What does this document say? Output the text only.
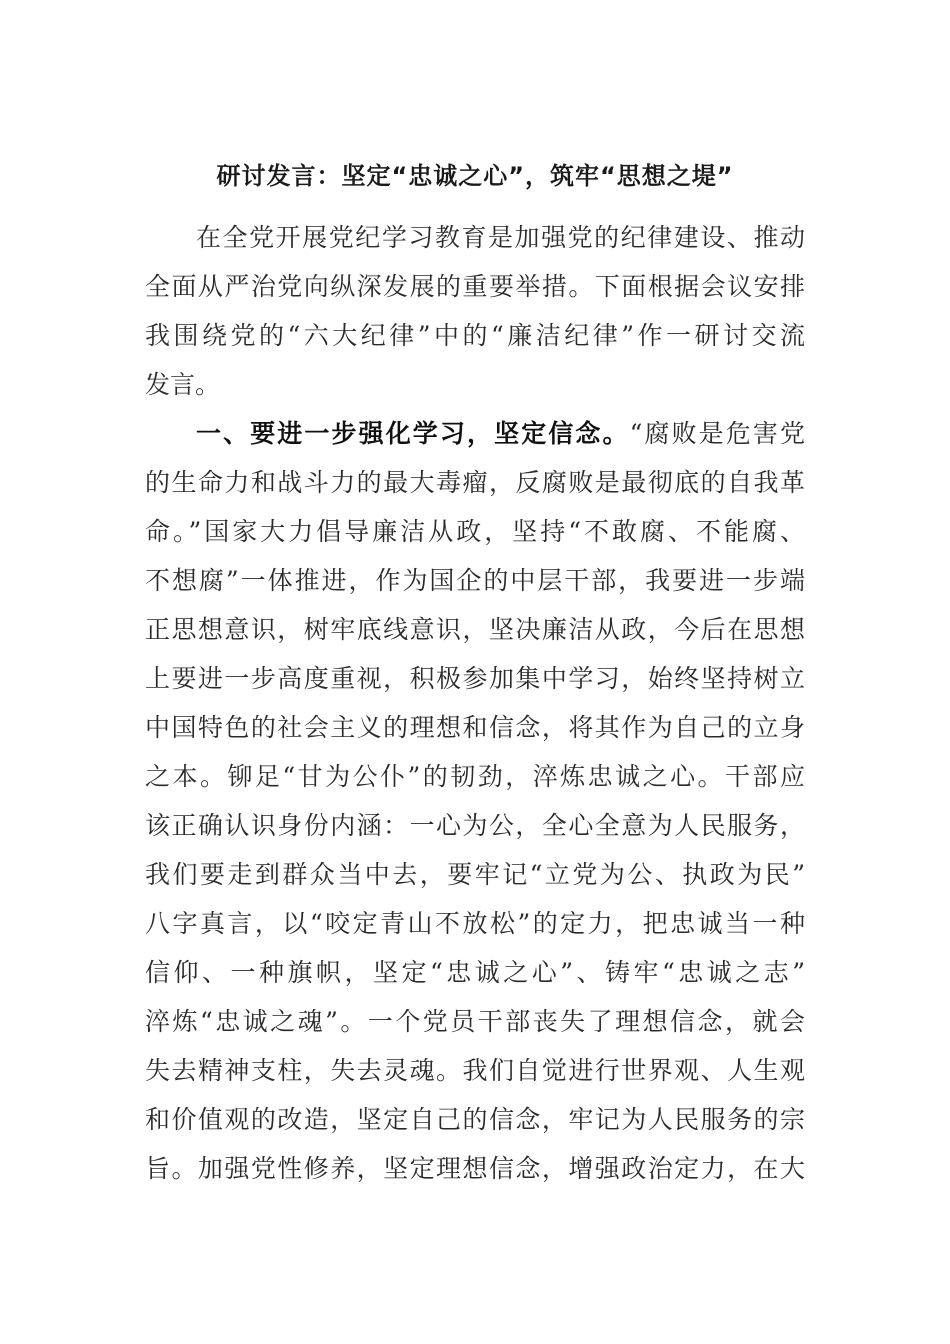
研讨发言：坚定“忠诚之心”，筑牢“思想之堤”
在全党开展党纪学习教育是加强党的纪律建设、推动
全面从严治党向纵深发展的重要举措。下面根据会议安排
我围绕党的“六大纪律”中的“廉洁纪律”作一研讨交流
发言。
一、要进一步强化学习，坚定信念。“腐败是危害党
的生命力和战斗力的最大毒瘤，反腐败是最彻底的自我革
命。”国家大力倡导廉洁从政，坚持“不敢腐、不能腐、
不想腐”一体推进，作为国企的中层干部，我要进一步端
正思想意识，树牢底线意识，坚决廉洁从政，今后在思想
上要进一步高度重视，积极参加集中学习，始终坚持树立
中国特色的社会主义的理想和信念，将其作为自己的立身
之本。铆足“甘为公仆”的韧劲，淬炼忠诚之心。干部应
该正确认识身份内涵：一心为公，全心全意为人民服务，
我们要走到群众当中去，要牢记“立党为公、执政为民”
八字真言，以“咬定青山不放松”的定力，把忠诚当一种
信仰、一种旗帜，坚定“忠诚之心”、铸牢“忠诚之志”
淬炼“忠诚之魂”。一个党员干部丧失了理想信念，就会
失去精神支柱，失去灵魂。我们自觉进行世界观、人生观
和价值观的改造，坚定自己的信念，牢记为人民服务的宗
旨。加强党性修养，坚定理想信念，增强政治定力，在大
